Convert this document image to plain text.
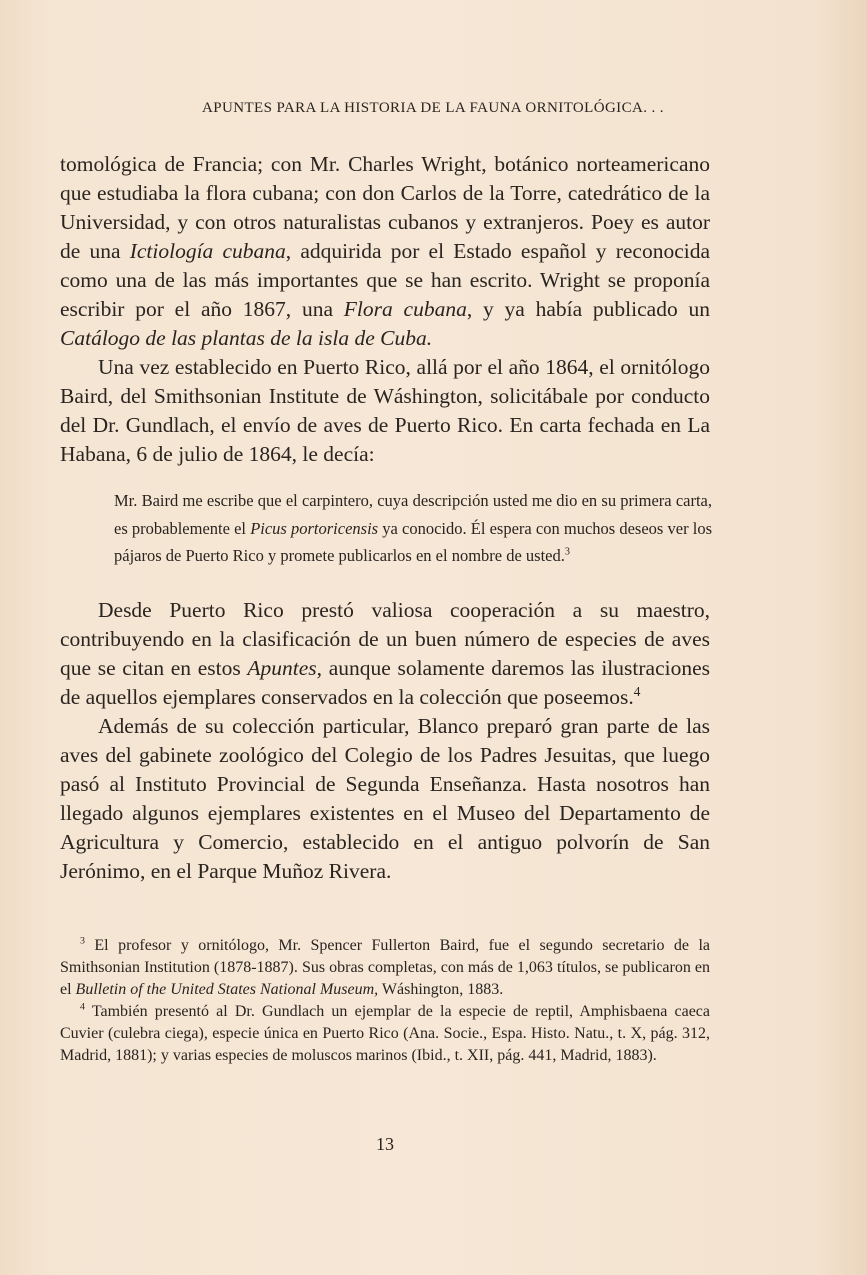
APUNTES PARA LA HISTORIA DE LA FAUNA ORNITOLÓGICA. . .

tomológica de Francia; con Mr. Charles Wright, botánico norteamericano que estudiaba la flora cubana; con don Carlos de la Torre, catedrático de la Universidad, y con otros naturalistas cubanos y extranjeros. Poey es autor de una Ictiología cubana, adquirida por el Estado español y reconocida como una de las más importantes que se han escrito. Wright se proponía escribir por el año 1867, una Flora cubana, y ya había publicado un Catálogo de las plantas de la isla de Cuba.

Una vez establecido en Puerto Rico, allá por el año 1864, el ornitólogo Baird, del Smithsonian Institute de Wáshington, solicitábale por conducto del Dr. Gundlach, el envío de aves de Puerto Rico. En carta fechada en La Habana, 6 de julio de 1864, le decía:

Mr. Baird me escribe que el carpintero, cuya descripción usted me dio en su primera carta, es probablemente el Picus portoricensis ya conocido. Él espera con muchos deseos ver los pájaros de Puerto Rico y promete publicarlos en el nombre de usted.$^3$

Desde Puerto Rico prestó valiosa cooperación a su maestro, contribuyendo en la clasificación de un buen número de especies de aves que se citan en estos Apuntes, aunque solamente daremos las ilustraciones de aquellos ejemplares conservados en la colección que poseemos.$^4$

Además de su colección particular, Blanco preparó gran parte de las aves del gabinete zoológico del Colegio de los Padres Jesuitas, que luego pasó al Instituto Provincial de Segunda Enseñanza. Hasta nosotros han llegado algunos ejemplares existentes en el Museo del Departamento de Agricultura y Comercio, establecido en el antiguo polvorín de San Jerónimo, en el Parque Muñoz Rivera.

$^3$ El profesor y ornitólogo, Mr. Spencer Fullerton Baird, fue el segundo secretario de la Smithsonian Institution (1878-1887). Sus obras completas, con más de 1,063 títulos, se publicaron en el Bulletin of the United States National Museum, Wáshington, 1883.

$^4$ También presentó al Dr. Gundlach un ejemplar de la especie de reptil, Amphisbaena caeca Cuvier (culebra ciega), especie única en Puerto Rico (Ana. Socie., Espa. Histo. Natu., t. X, pág. 312, Madrid, 1881); y varias especies de moluscos marinos (Ibid., t. XII, pág. 441, Madrid, 1883).

13
